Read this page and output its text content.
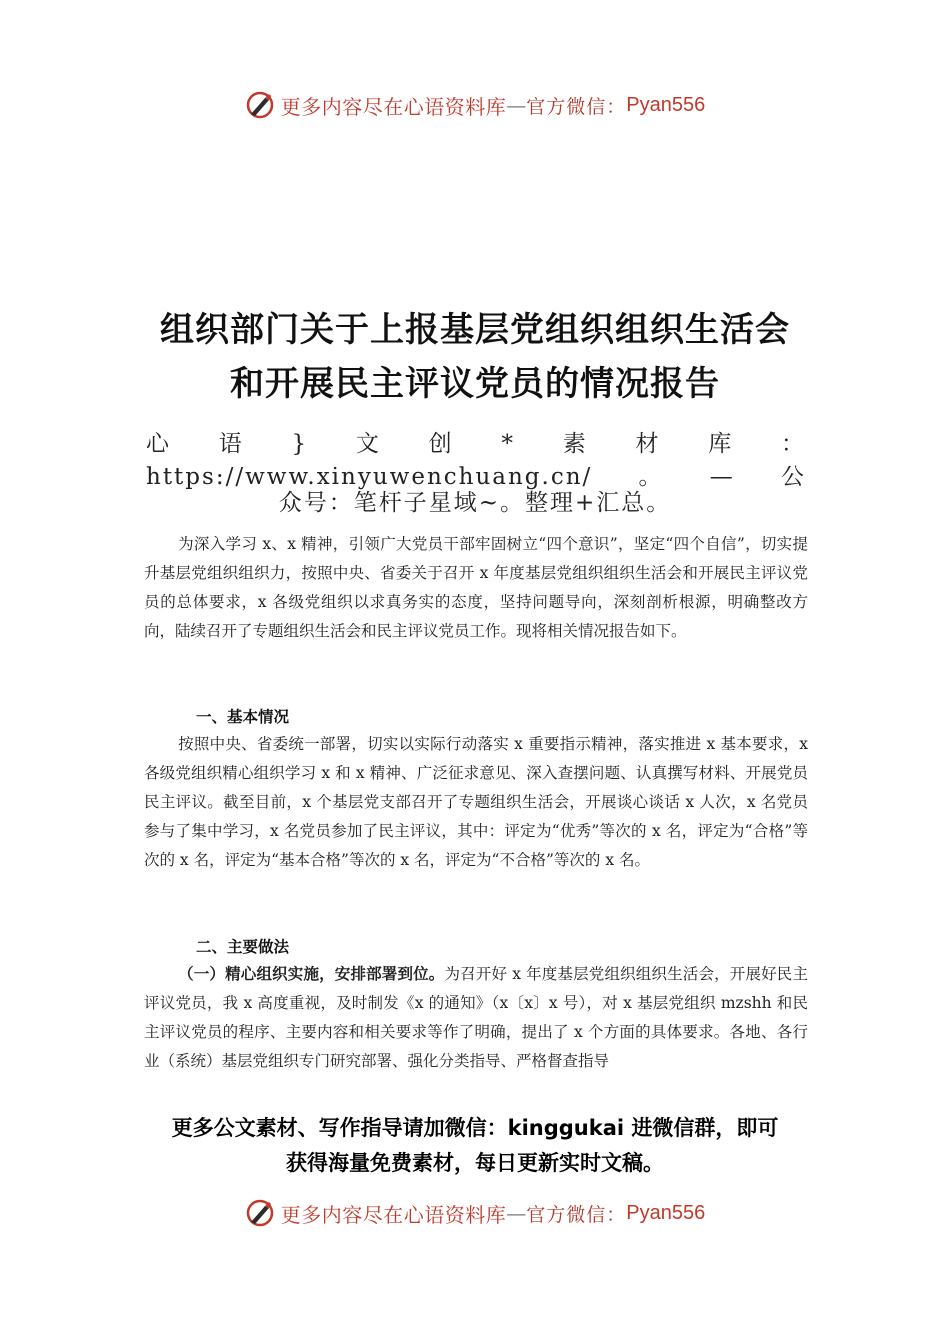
更多内容尽在心语资料库 — 官方微信： Pyan556
组织部门关于上报基层党组织组织生活会
和开展民主评议党员的情况报告
心语}文创*素材库：https://www.xinyuwenchuang.cn/。—公
众号：笔杆子星域~。整理+汇总。

为深入学习 x、x 精神，引领广大党员干部牢固树立“四个意识”，坚定“四个自信”，切实提升基层党组织组织力，按照中央、省委关于召开 x 年度基层党组织组织生活会和开展民主评议党员的总体要求，x 各级党组织以求真务实的态度，坚持问题导向，深刻剖析根源，明确整改方向，陆续召开了专题组织生活会和民主评议党员工作。现将相关情况报告如下。

一、基本情况

按照中央、省委统一部署，切实以实际行动落实 x 重要指示精神，落实推进 x 基本要求，x 各级党组织精心组织学习 x 和 x 精神、广泛征求意见、深入查摆问题、认真撰写材料、开展党员民主评议。截至目前，x 个基层党支部召开了专题组织生活会，开展谈心谈话 x 人次，x 名党员参与了集中学习，x 名党员参加了民主评议，其中：评定为“优秀”等次的 x 名，评定为“合格”等次的 x 名，评定为“基本合格”等次的 x 名，评定为“不合格”等次的 x 名。

二、主要做法

（一）精心组织实施，安排部署到位。为召开好 x 年度基层党组织组织生活会，开展好民主评议党员，我 x 高度重视，及时制发《x 的通知》（x〔x〕x 号），对 x 基层党组织 mzshh 和民主评议党员的程序、主要内容和相关要求等作了明确，提出了 x 个方面的具体要求。各地、各行业（系统）基层党组织专门研究部署、强化分类指导、严格督查指导

更多公文素材、写作指导请加微信：kinggukai 进微信群，即可
获得海量免费素材，每日更新实时文稿。
更多内容尽在心语资料库 — 官方微信： Pyan556
